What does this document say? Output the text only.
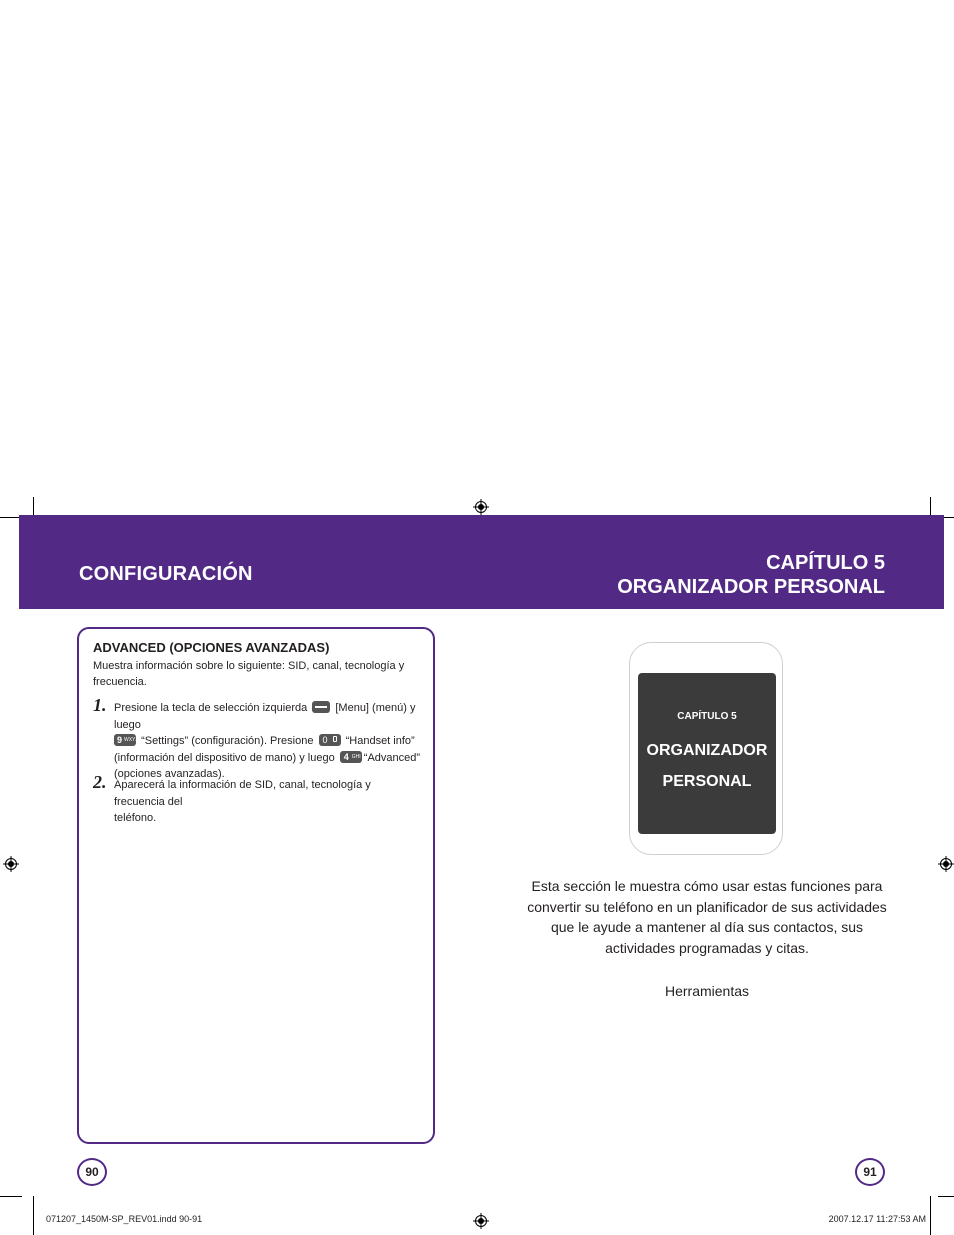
CONFIGURACIÓN	CAPÍTULO 5
ORGANIZADOR PERSONAL
ADVANCED (OPCIONES AVANZADAS)
Muestra información sobre lo siguiente: SID, canal, tecnología y
frecuencia.
1. Presione la tecla de selección izquierda	[Menu] (menú) y luego
9 WXYZ “Settings” (configuración). Presione 0 “Handset info”
(información del dispositivo de mano) y luego 4 GHI “Advanced”
(opciones avanzadas).
2. Aparecerá la información de SID, canal, tecnología y frecuencia del
teléfono.
CAPÍTULO 5
ORGANIZADOR
PERSONAL
Esta sección le muestra cómo usar estas funciones para
convertir su teléfono en un planificador de sus actividades
que le ayude a mantener al día sus contactos, sus
actividades programadas y citas.
Herramientas
90	91
071207_1450M-SP_REV01.indd 90-91	2007.12.17 11:27:53 AM
